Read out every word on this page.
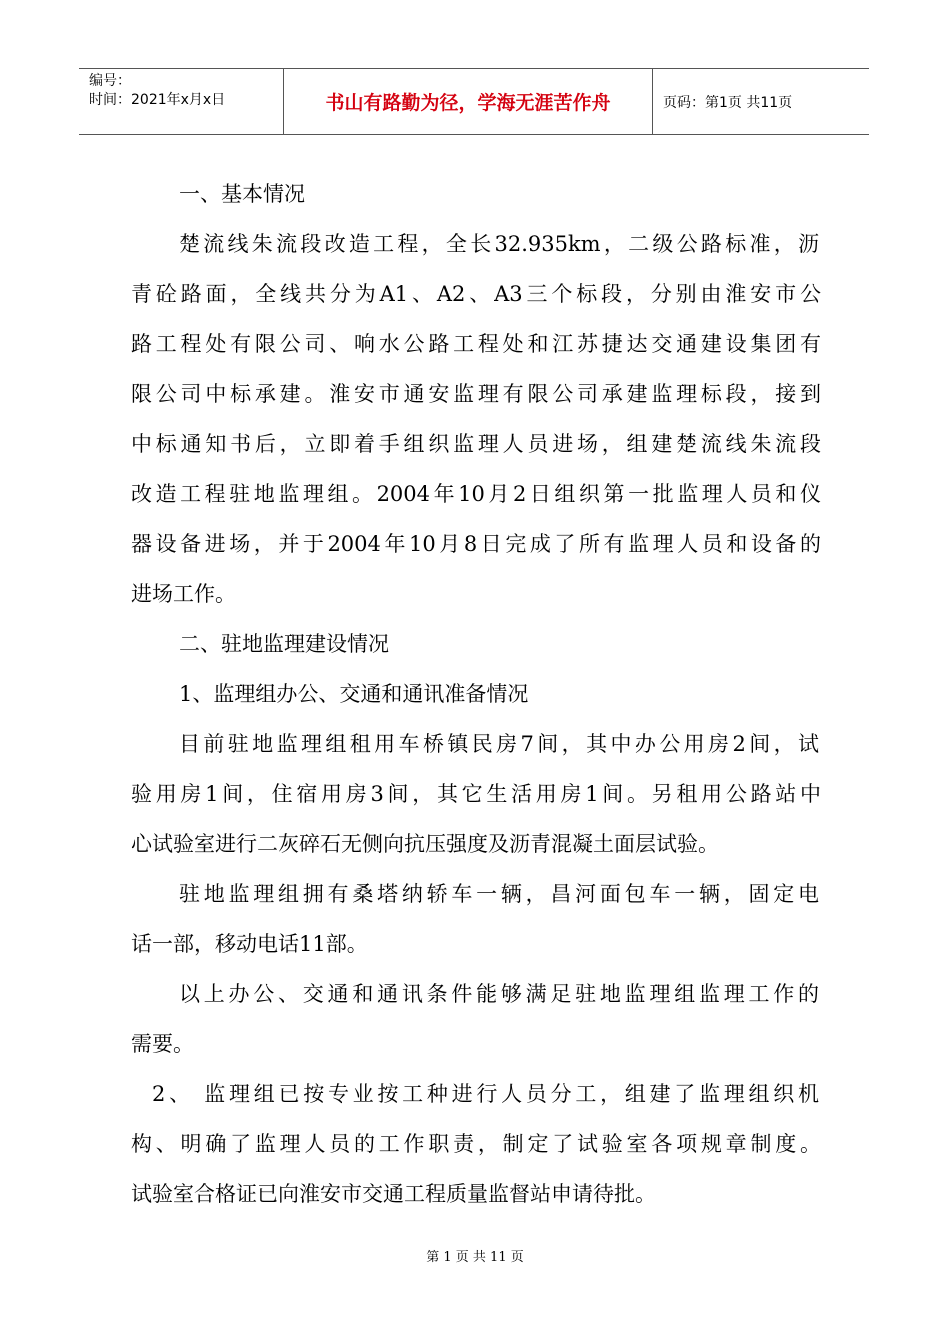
编号：
时间：2021年x月x日	书山有路勤为径，学海无涯苦作舟	页码：第1页 共11页
一、基本情况
楚流线朱流段改造工程，全长32.935km，二级公路标准，沥
青砼路面，全线共分为A1、A2、A3三个标段，分别由淮安市公
路工程处有限公司、响水公路工程处和江苏捷达交通建设集团有
限公司中标承建。淮安市通安监理有限公司承建监理标段，接到
中标通知书后，立即着手组织监理人员进场，组建楚流线朱流段
改造工程驻地监理组。2004年10月2日组织第一批监理人员和仪
器设备进场，并于2004年10月8日完成了所有监理人员和设备的
进场工作。
二、驻地监理建设情况
1、监理组办公、交通和通讯准备情况
目前驻地监理组租用车桥镇民房7间，其中办公用房2间，试
验用房1间，住宿用房3间，其它生活用房1间。另租用公路站中
心试验室进行二灰碎石无侧向抗压强度及沥青混凝土面层试验。
驻地监理组拥有桑塔纳轿车一辆，昌河面包车一辆，固定电
话一部，移动电话11部。
以上办公、交通和通讯条件能够满足驻地监理组监理工作的
需要。
2、 监理组已按专业按工种进行人员分工，组建了监理组织机
构、明确了监理人员的工作职责，制定了试验室各项规章制度。
试验室合格证已向淮安市交通工程质量监督站申请待批。
第 1 页 共 11 页
